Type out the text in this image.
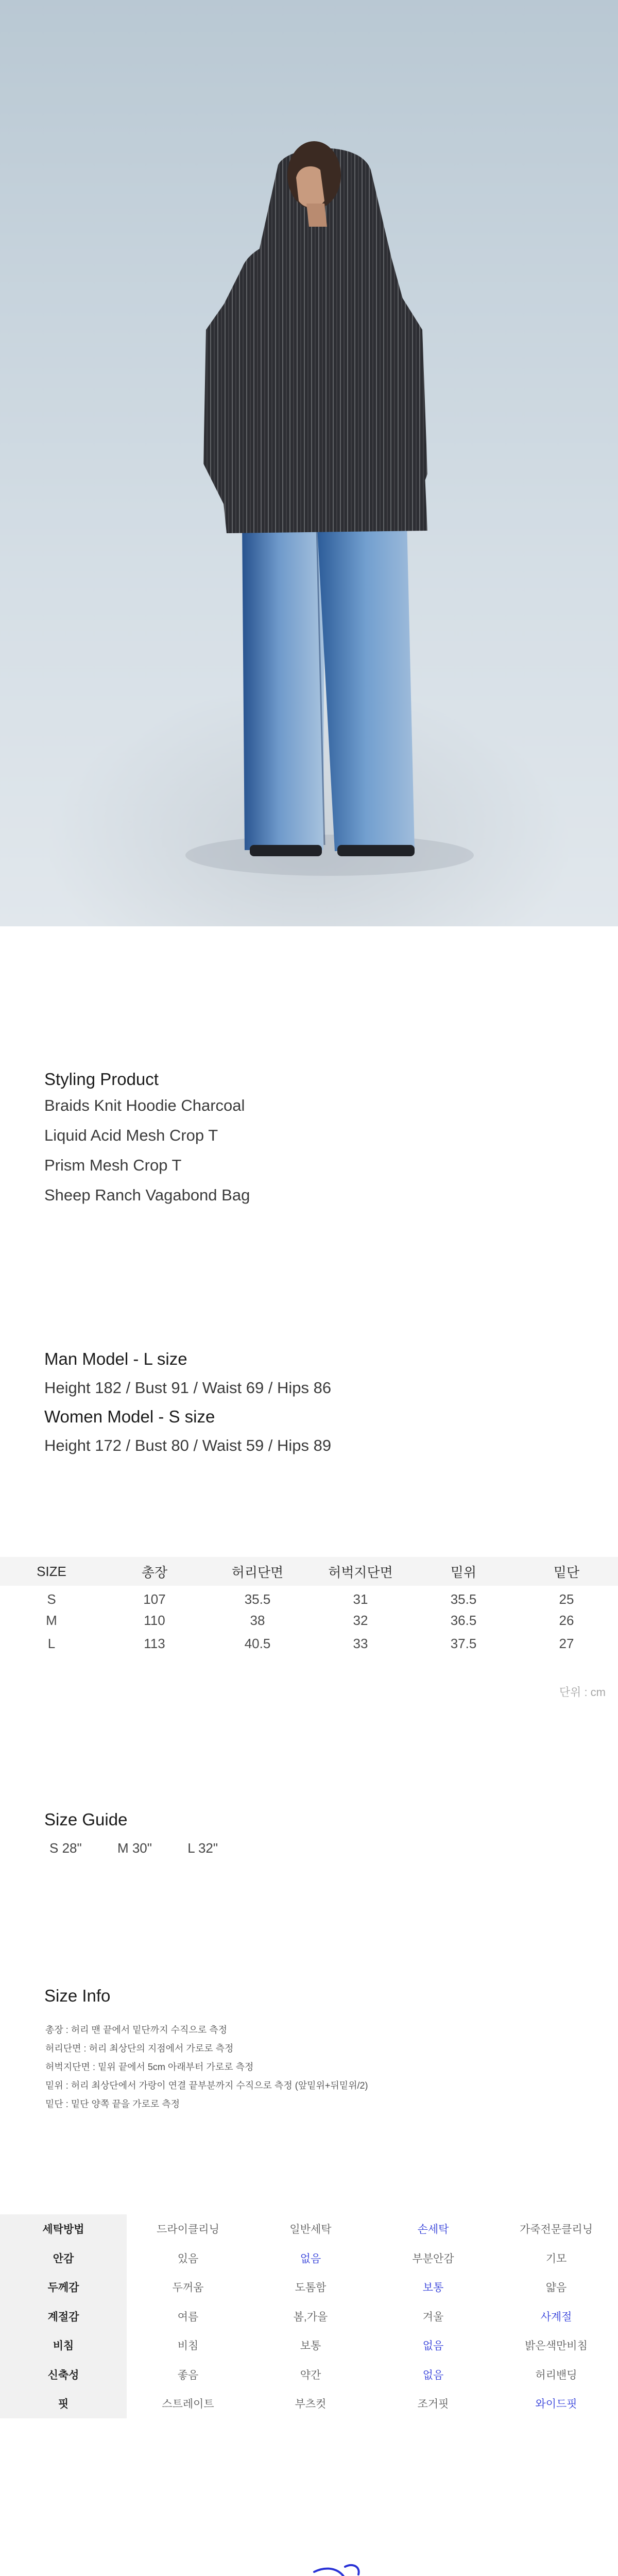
Styling Product
Braids Knit Hoodie Charcoal
Liquid Acid Mesh Crop T
Prism Mesh Crop T
Sheep Ranch Vagabond Bag
Man Model - L size
Height 182 / Bust 91 / Waist 69 / Hips 86
Women Model - S size
Height 172 / Bust 80 / Waist 59 / Hips 89
SIZE	총장	허리단면	허벅지단면	밑위	밑단
S	107	35.5	31	35.5	25
M	110	38	32	36.5	26
L	113	40.5	33	37.5	27
단위 : cm
Size Guide
S 28"	M 30"	L 32"
Size Info
총장 : 허리 맨 끝에서 밑단까지 수직으로 측정
허리단면 : 허리 최상단의 지점에서 가로로 측정
허벅지단면 : 밑위 끝에서 5cm 아래부터 가로로 측정
밑위 : 허리 최상단에서 가랑이 연결 끝부분까지 수직으로 측정 (앞밑위+뒤밑위/2)
밑단 : 밑단 양쪽 끝을 가로로 측정
세탁방법	드라이클리닝	일반세탁	손세탁	가죽전문클리닝
안감	있음	없음	부분안감	기모
두께감	두꺼움	도톰함	보통	얇음
계절감	여름	봄,가을	겨울	사계절
비침	비침	보통	없음	밝은색만비침
신축성	좋음	약간	없음	허리밴딩
핏	스트레이트	부츠컷	조거핏	와이드핏
